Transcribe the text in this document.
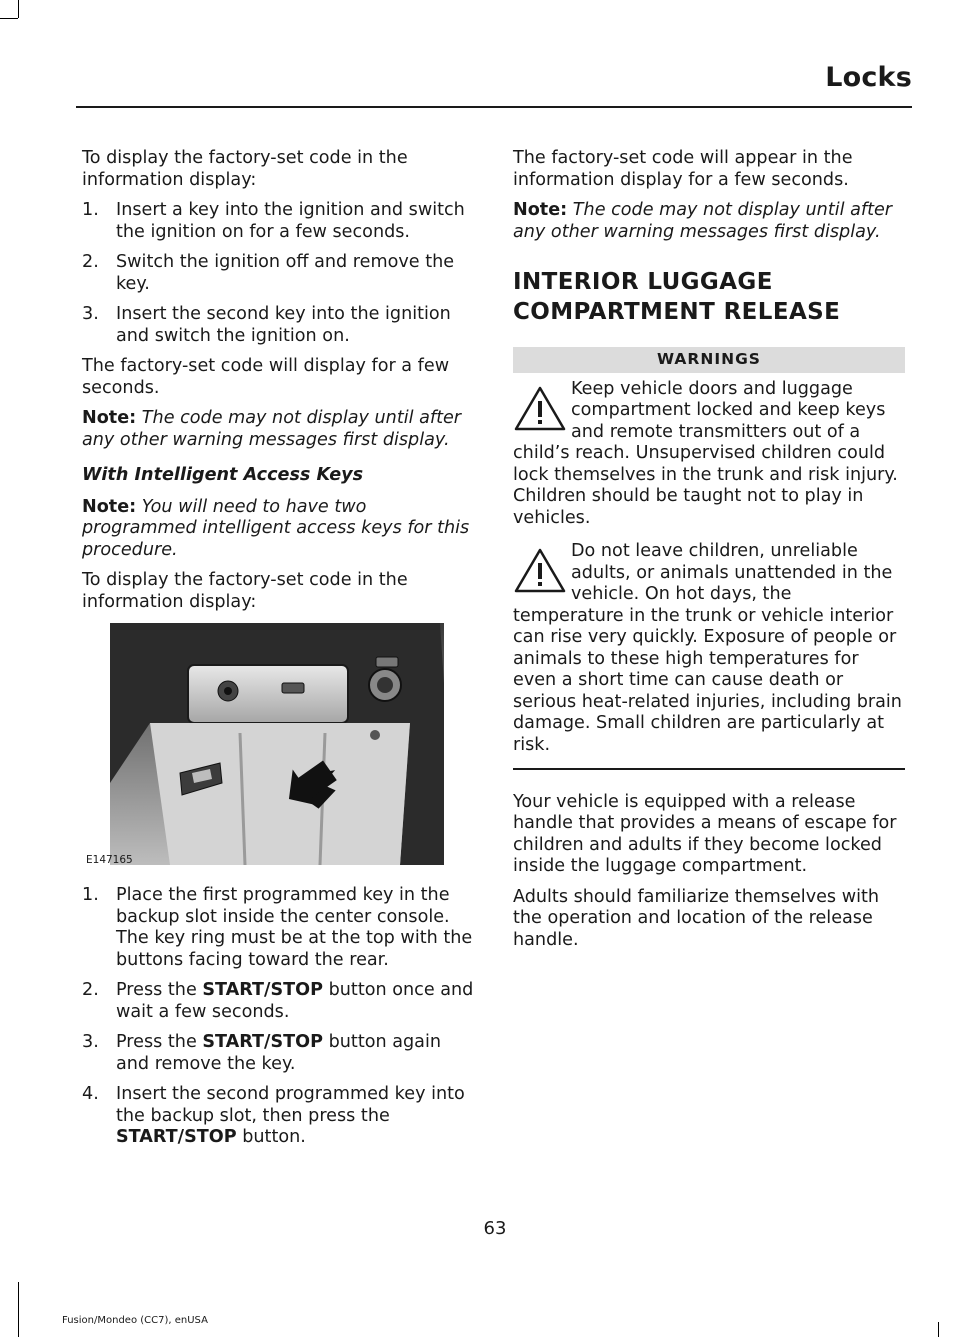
Locks

To display the factory-set code in the information display:

1. Insert a key into the ignition and switch the ignition on for a few seconds.
2. Switch the ignition off and remove the key.
3. Insert the second key into the ignition and switch the ignition on.

The factory-set code will display for a few seconds.

Note: The code may not display until after any other warning messages first display.

With Intelligent Access Keys

Note: You will need to have two programmed intelligent access keys for this procedure.

To display the factory-set code in the information display:

E147165
1. Place the first programmed key in the backup slot inside the center console. The key ring must be at the top with the buttons facing toward the rear.
2. Press the START/STOP button once and wait a few seconds.
3. Press the START/STOP button again and remove the key.
4. Insert the second programmed key into the backup slot, then press the START/STOP button.

The factory-set code will appear in the information display for a few seconds.

Note: The code may not display until after any other warning messages first display.

INTERIOR LUGGAGE
COMPARTMENT RELEASE
WARNINGS
Keep vehicle doors and luggage compartment locked and keep keys and remote transmitters out of a child’s reach. Unsupervised children could lock themselves in the trunk and risk injury. Children should be taught not to play in vehicles.
Do not leave children, unreliable adults, or animals unattended in the vehicle. On hot days, the temperature in the trunk or vehicle interior can rise very quickly. Exposure of people or animals to these high temperatures for even a short time can cause death or serious heat-related injuries, including brain damage. Small children are particularly at risk.

Your vehicle is equipped with a release handle that provides a means of escape for children and adults if they become locked inside the luggage compartment.

Adults should familiarize themselves with the operation and location of the release handle.

63
Fusion/Mondeo (CC7), enUSA
